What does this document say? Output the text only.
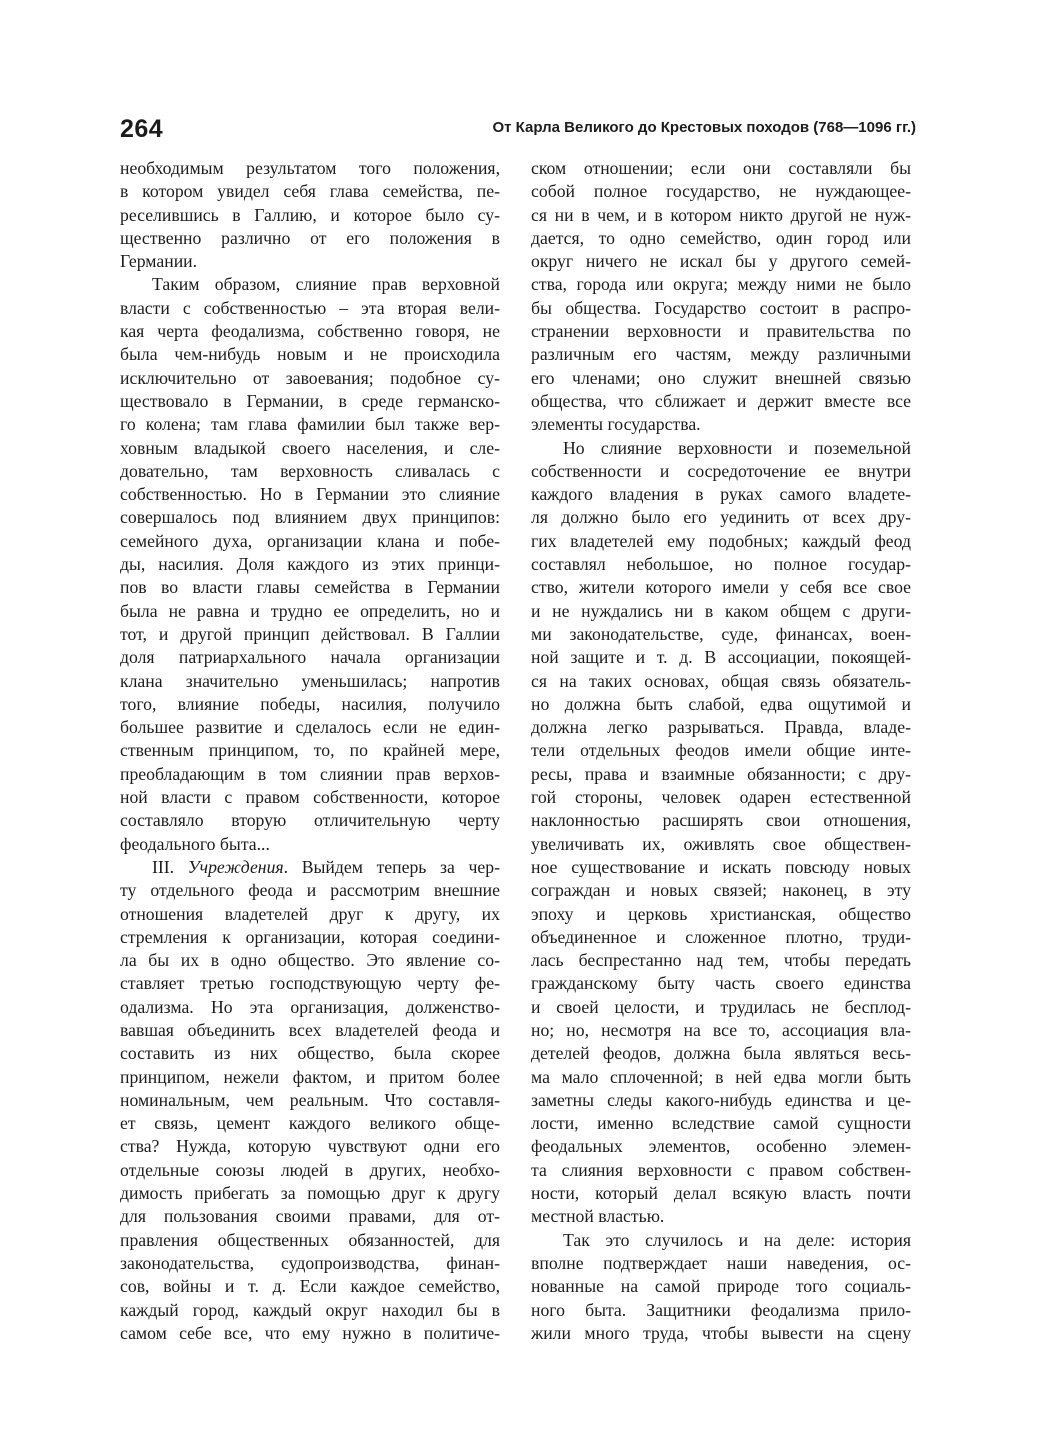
264	От Карла Великого до Крестовых походов (768—1096 гг.)
необходимым результатом того положения,
в котором увидел себя глава семейства, пе-
реселившись в Галлию, и которое было су-
щественно различно от его положения в
Германии.
Таким образом, слияние прав верховной
власти с собственностью – эта вторая вели-
кая черта феодализма, собственно говоря, не
была чем-нибудь новым и не происходила
исключительно от завоевания; подобное су-
ществовало в Германии, в среде германско-
го колена; там глава фамилии был также вер-
ховным владыкой своего населения, и сле-
довательно, там верховность сливалась с
собственностью. Но в Германии это слияние
совершалось под влиянием двух принципов:
семейного духа, организации клана и побе-
ды, насилия. Доля каждого из этих принци-
пов во власти главы семейства в Германии
была не равна и трудно ее определить, но и
тот, и другой принцип действовал. В Галлии
доля патриархального начала организации
клана значительно уменьшилась; напротив
того, влияние победы, насилия, получило
большее развитие и сделалось если не един-
ственным принципом, то, по крайней мере,
преобладающим в том слиянии прав верхов-
ной власти с правом собственности, которое
составляло вторую отличительную черту
феодального быта...
III. Учреждения. Выйдем теперь за чер-
ту отдельного феода и рассмотрим внешние
отношения владетелей друг к другу, их
стремления к организации, которая соедини-
ла бы их в одно общество. Это явление со-
ставляет третью господствующую черту фе-
одализма. Но эта организация, долженство-
вавшая объединить всех владетелей феода и
составить из них общество, была скорее
принципом, нежели фактом, и притом более
номинальным, чем реальным. Что составля-
ет связь, цемент каждого великого обще-
ства? Нужда, которую чувствуют одни его
отдельные союзы людей в других, необхо-
димость прибегать за помощью друг к другу
для пользования своими правами, для от-
правления общественных обязанностей, для
законодательства, судопроизводства, финан-
сов, войны и т. д. Если каждое семейство,
каждый город, каждый округ находил бы в
самом себе все, что ему нужно в политиче-
ском отношении; если они составляли бы
собой полное государство, не нуждающее-
ся ни в чем, и в котором никто другой не нуж-
дается, то одно семейство, один город или
округ ничего не искал бы у другого семей-
ства, города или округа; между ними не было
бы общества. Государство состоит в распро-
странении верховности и правительства по
различным его частям, между различными
его членами; оно служит внешней связью
общества, что сближает и держит вместе все
элементы государства.
Но слияние верховности и поземельной
собственности и сосредоточение ее внутри
каждого владения в руках самого владете-
ля должно было его уединить от всех дру-
гих владетелей ему подобных; каждый феод
составлял небольшое, но полное государ-
ство, жители которого имели у себя все свое
и не нуждались ни в каком общем с други-
ми законодательстве, суде, финансах, воен-
ной защите и т. д. В ассоциации, покоящей-
ся на таких основах, общая связь обязатель-
но должна быть слабой, едва ощутимой и
должна легко разрываться. Правда, владе-
тели отдельных феодов имели общие инте-
ресы, права и взаимные обязанности; с дру-
гой стороны, человек одарен естественной
наклонностью расширять свои отношения,
увеличивать их, оживлять свое обществен-
ное существование и искать повсюду новых
сограждан и новых связей; наконец, в эту
эпоху и церковь христианская, общество
объединенное и сложенное плотно, труди-
лась беспрестанно над тем, чтобы передать
гражданскому быту часть своего единства
и своей целости, и трудилась не бесплод-
но; но, несмотря на все то, ассоциация вла-
детелей феодов, должна была являться весь-
ма мало сплоченной; в ней едва могли быть
заметны следы какого-нибудь единства и це-
лости, именно вследствие самой сущности
феодальных элементов, особенно элемен-
та слияния верховности с правом собствен-
ности, который делал всякую власть почти
местной властью.
Так это случилось и на деле: история
вполне подтверждает наши наведения, ос-
нованные на самой природе того социаль-
ного быта. Защитники феодализма прило-
жили много труда, чтобы вывести на сцену
